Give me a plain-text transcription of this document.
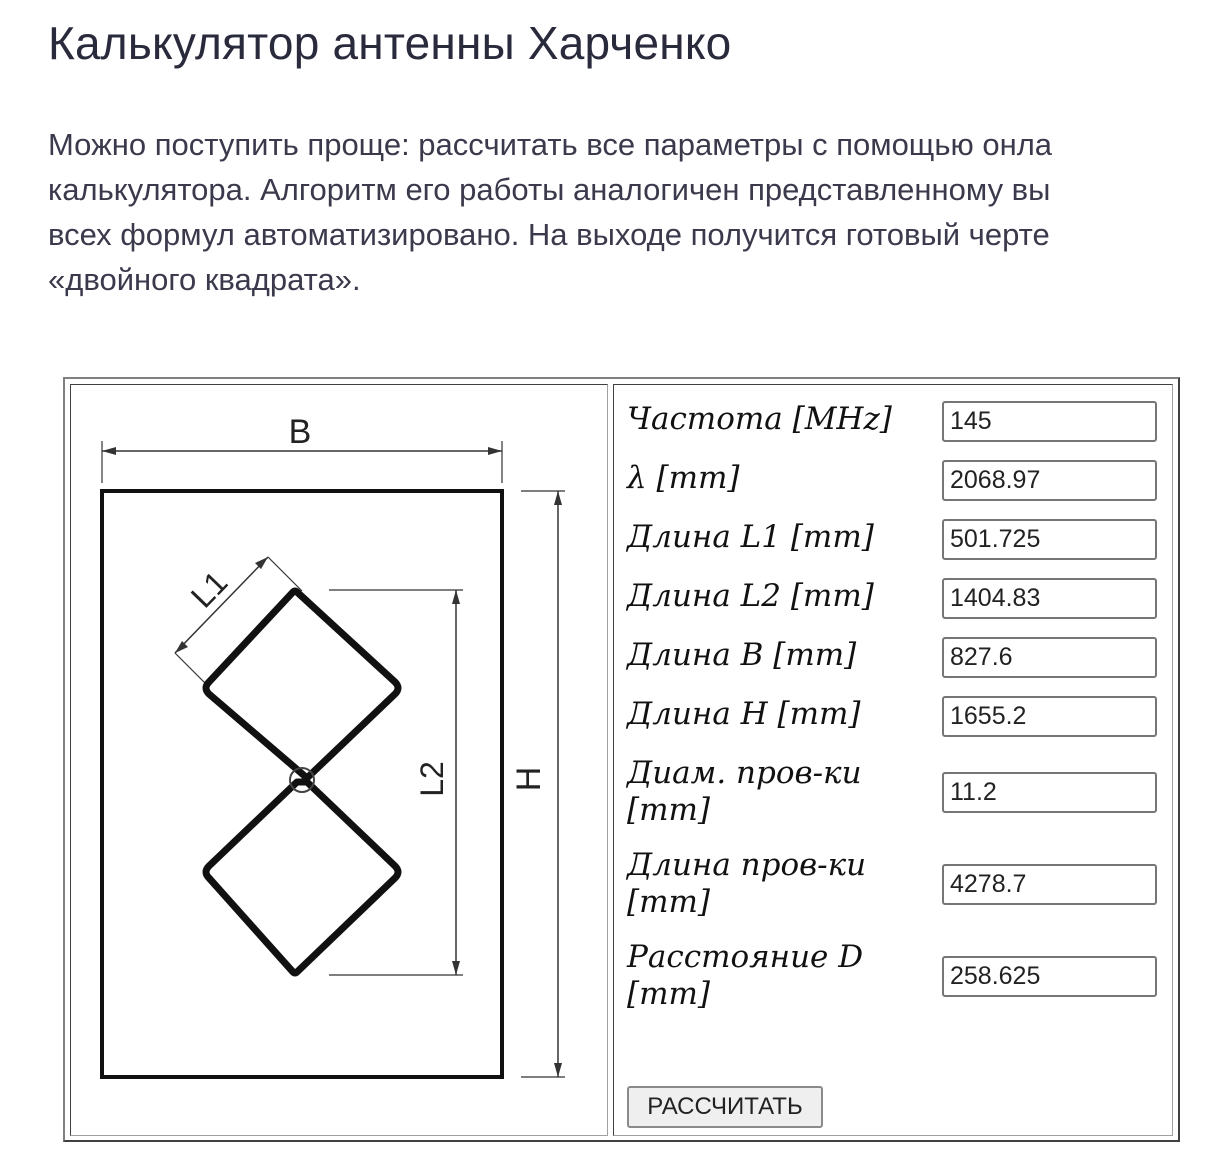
Калькулятор антенны Харченко

Можно поступить проще: рассчитать все параметры с помощью онла
калькулятора. Алгоритм его работы аналогичен представленному вы
всех формул автоматизировано. На выходе получится готовый черте
«двойного квадрата».

B
H
L2
L1
Частота [MHz]
145
λ [mm]
2068.97
Длина L1 [mm]
501.725
Длина L2 [mm]
1404.83
Длина B [mm]
827.6
Длина H [mm]
1655.2
Диам. пров-ки [mm]
11.2
Длина пров-ки [mm]
4278.7
Расстояние D [mm]
258.625
РАССЧИТАТЬ
